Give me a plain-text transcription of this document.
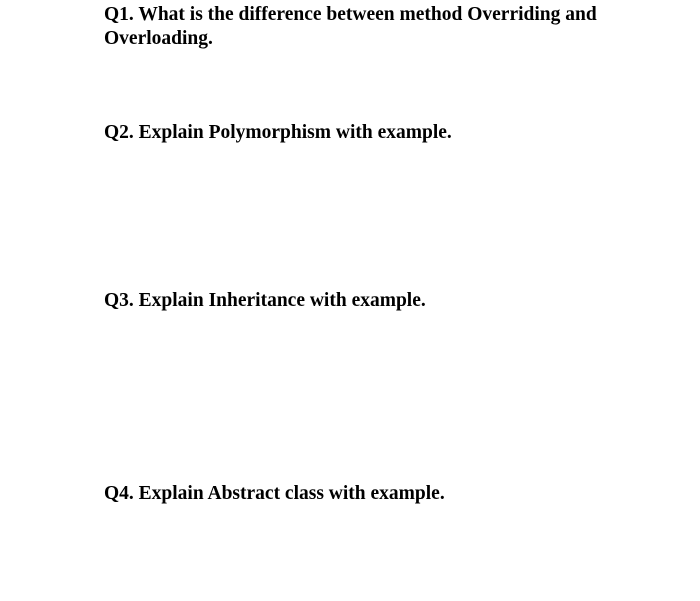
Q1. What is the difference between method Overriding and Overloading.

Q2. Explain Polymorphism with example.

Q3. Explain Inheritance with example.

Q4. Explain Abstract class with example.
